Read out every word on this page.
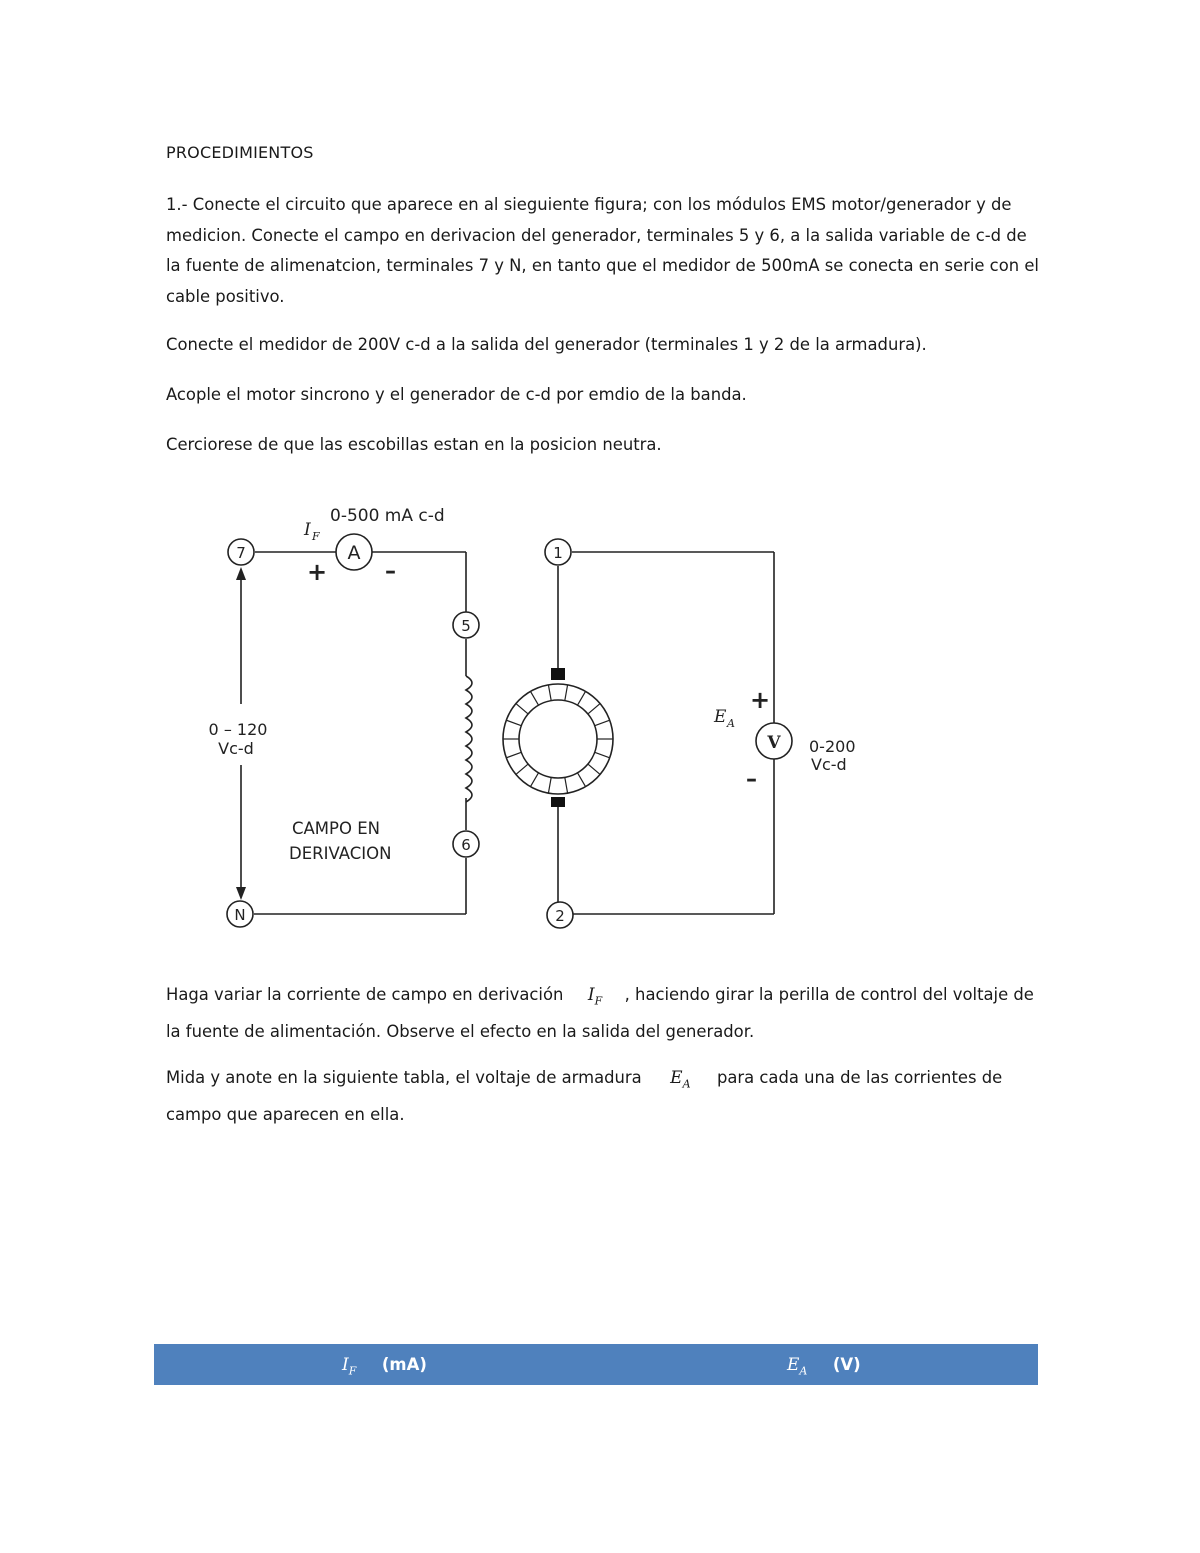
PROCEDIMIENTOS
1.- Conecte el circuito que aparece en al sieguiente figura; con los módulos EMS motor/generador y de medicion. Conecte el campo en derivacion del generador, terminales 5 y 6, a la salida variable de c-d de la fuente de alimenatcion, terminales 7 y N, en tanto que el medidor de 500mA se conecta en serie con el cable positivo.
Conecte el medidor de 200V c-d a la salida del generador (terminales 1 y 2 de la armadura).
Acople el motor sincrono y el generador de c-d por emdio de la banda.
Cerciorese de que las escobillas estan en la posicion neutra.
A
0-500 mA c-d
I F
+	–
0 – 120
Vc-d
CAMPO EN
DERIVACION
V
+
–
E A
0-200
Vc-d
7
N
5
6
1
2
Haga variar la corriente de campo en derivación $I_F$ , haciendo girar la perilla de control del voltaje de la fuente de alimentación. Observe el efecto en la salida del generador.
Mida y anote en la siguiente tabla, el voltaje de armadura $E_A$ para cada una de las corrientes de campo que aparecen en ella.
$I_F$ (mA)	$E_A$ (V)
